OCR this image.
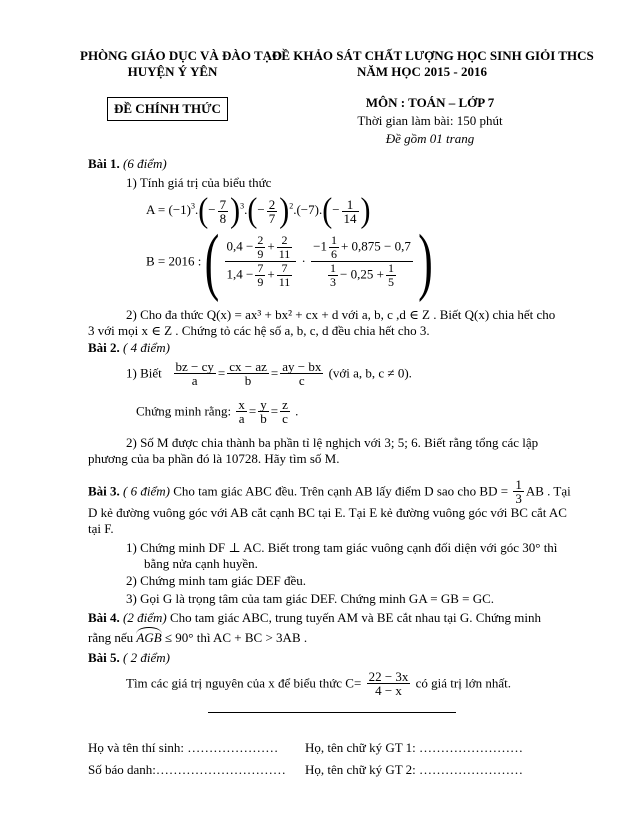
PHÒNG GIÁO DỤC VÀ ĐÀO TẠO
HUYỆN Ý YÊN
ĐỀ KHẢO SÁT CHẤT LƯỢNG HỌC SINH GIỎI THCS
NĂM HỌC 2015 - 2016
ĐỀ CHÍNH THỨC	MÔN : TOÁN – LỚP 7
Thời gian làm bài: 150 phút
Đề gồm 01 trang
Bài 1. (6 điểm)
1) Tính giá trị của biểu thức
$A = (-1)^3.(- \frac{7}{8} )^3.(- \frac{2}{7} )^2.(-7).(- \frac{1}{14}$ )
B = 2016 : ( $\frac{0,4 - \frac{2}{9} + \frac{2}{11}}{1,4 - \frac{7}{9} + \frac{7}{11}} \cdot \frac{-1 \frac{1}{6} + 0,875 - 0,7}{\frac{1}{3} - 0,25 + \frac{1}{5}}$ )
2) Cho đa thức Q(x) = ax³ + bx² + cx + d với a, b, c ,d ∈ Z . Biết Q(x) chia hết cho
3 với mọi x ∈ Z . Chứng tỏ các hệ số a, b, c, d đều chia hết cho 3.
Bài 2. ( 4 điểm)
1) Biết $\frac{bz - cy}{a} = \frac{cx - az}{b} = \frac{ay - bx}{c}$ (với a, b, c ≠ 0).
Chứng minh rằng: $\frac{x}{a} = \frac{y}{b} = \frac{z}{c}$ .
2) Số M được chia thành ba phần tỉ lệ nghịch với 3; 5; 6. Biết rằng tổng các lập
phương của ba phần đó là 10728. Hãy tìm số M.
Bài 3. ( 6 điểm) Cho tam giác ABC đều. Trên cạnh AB lấy điểm D sao cho BD = $\frac{1}{3}$ AB . Tại
D kẻ đường vuông góc với AB cắt cạnh BC tại E. Tại E kẻ đường vuông góc với BC cắt AC
tại F.
1) Chứng minh DF ⊥ AC. Biết trong tam giác vuông cạnh đối diện với góc 30° thì
bằng nửa cạnh huyền.
2) Chứng minh tam giác DEF đều.
3) Gọi G là trọng tâm của tam giác DEF. Chứng minh GA = GB = GC.
Bài 4. (2 điểm) Cho tam giác ABC, trung tuyến AM và BE cắt nhau tại G. Chứng minh
rằng nếu AGB ≤ 90° thì AC + BC > 3AB .
Bài 5. ( 2 điểm)
Tìm các giá trị nguyên của x để biểu thức $C= \frac{22 - 3x}{4 - x}$ có giá trị lớn nhất.
Họ và tên thí sinh: ………………… Họ, tên chữ ký GT 1: ……………………
Số báo danh:………………………… Họ, tên chữ ký GT 2: ……………………
